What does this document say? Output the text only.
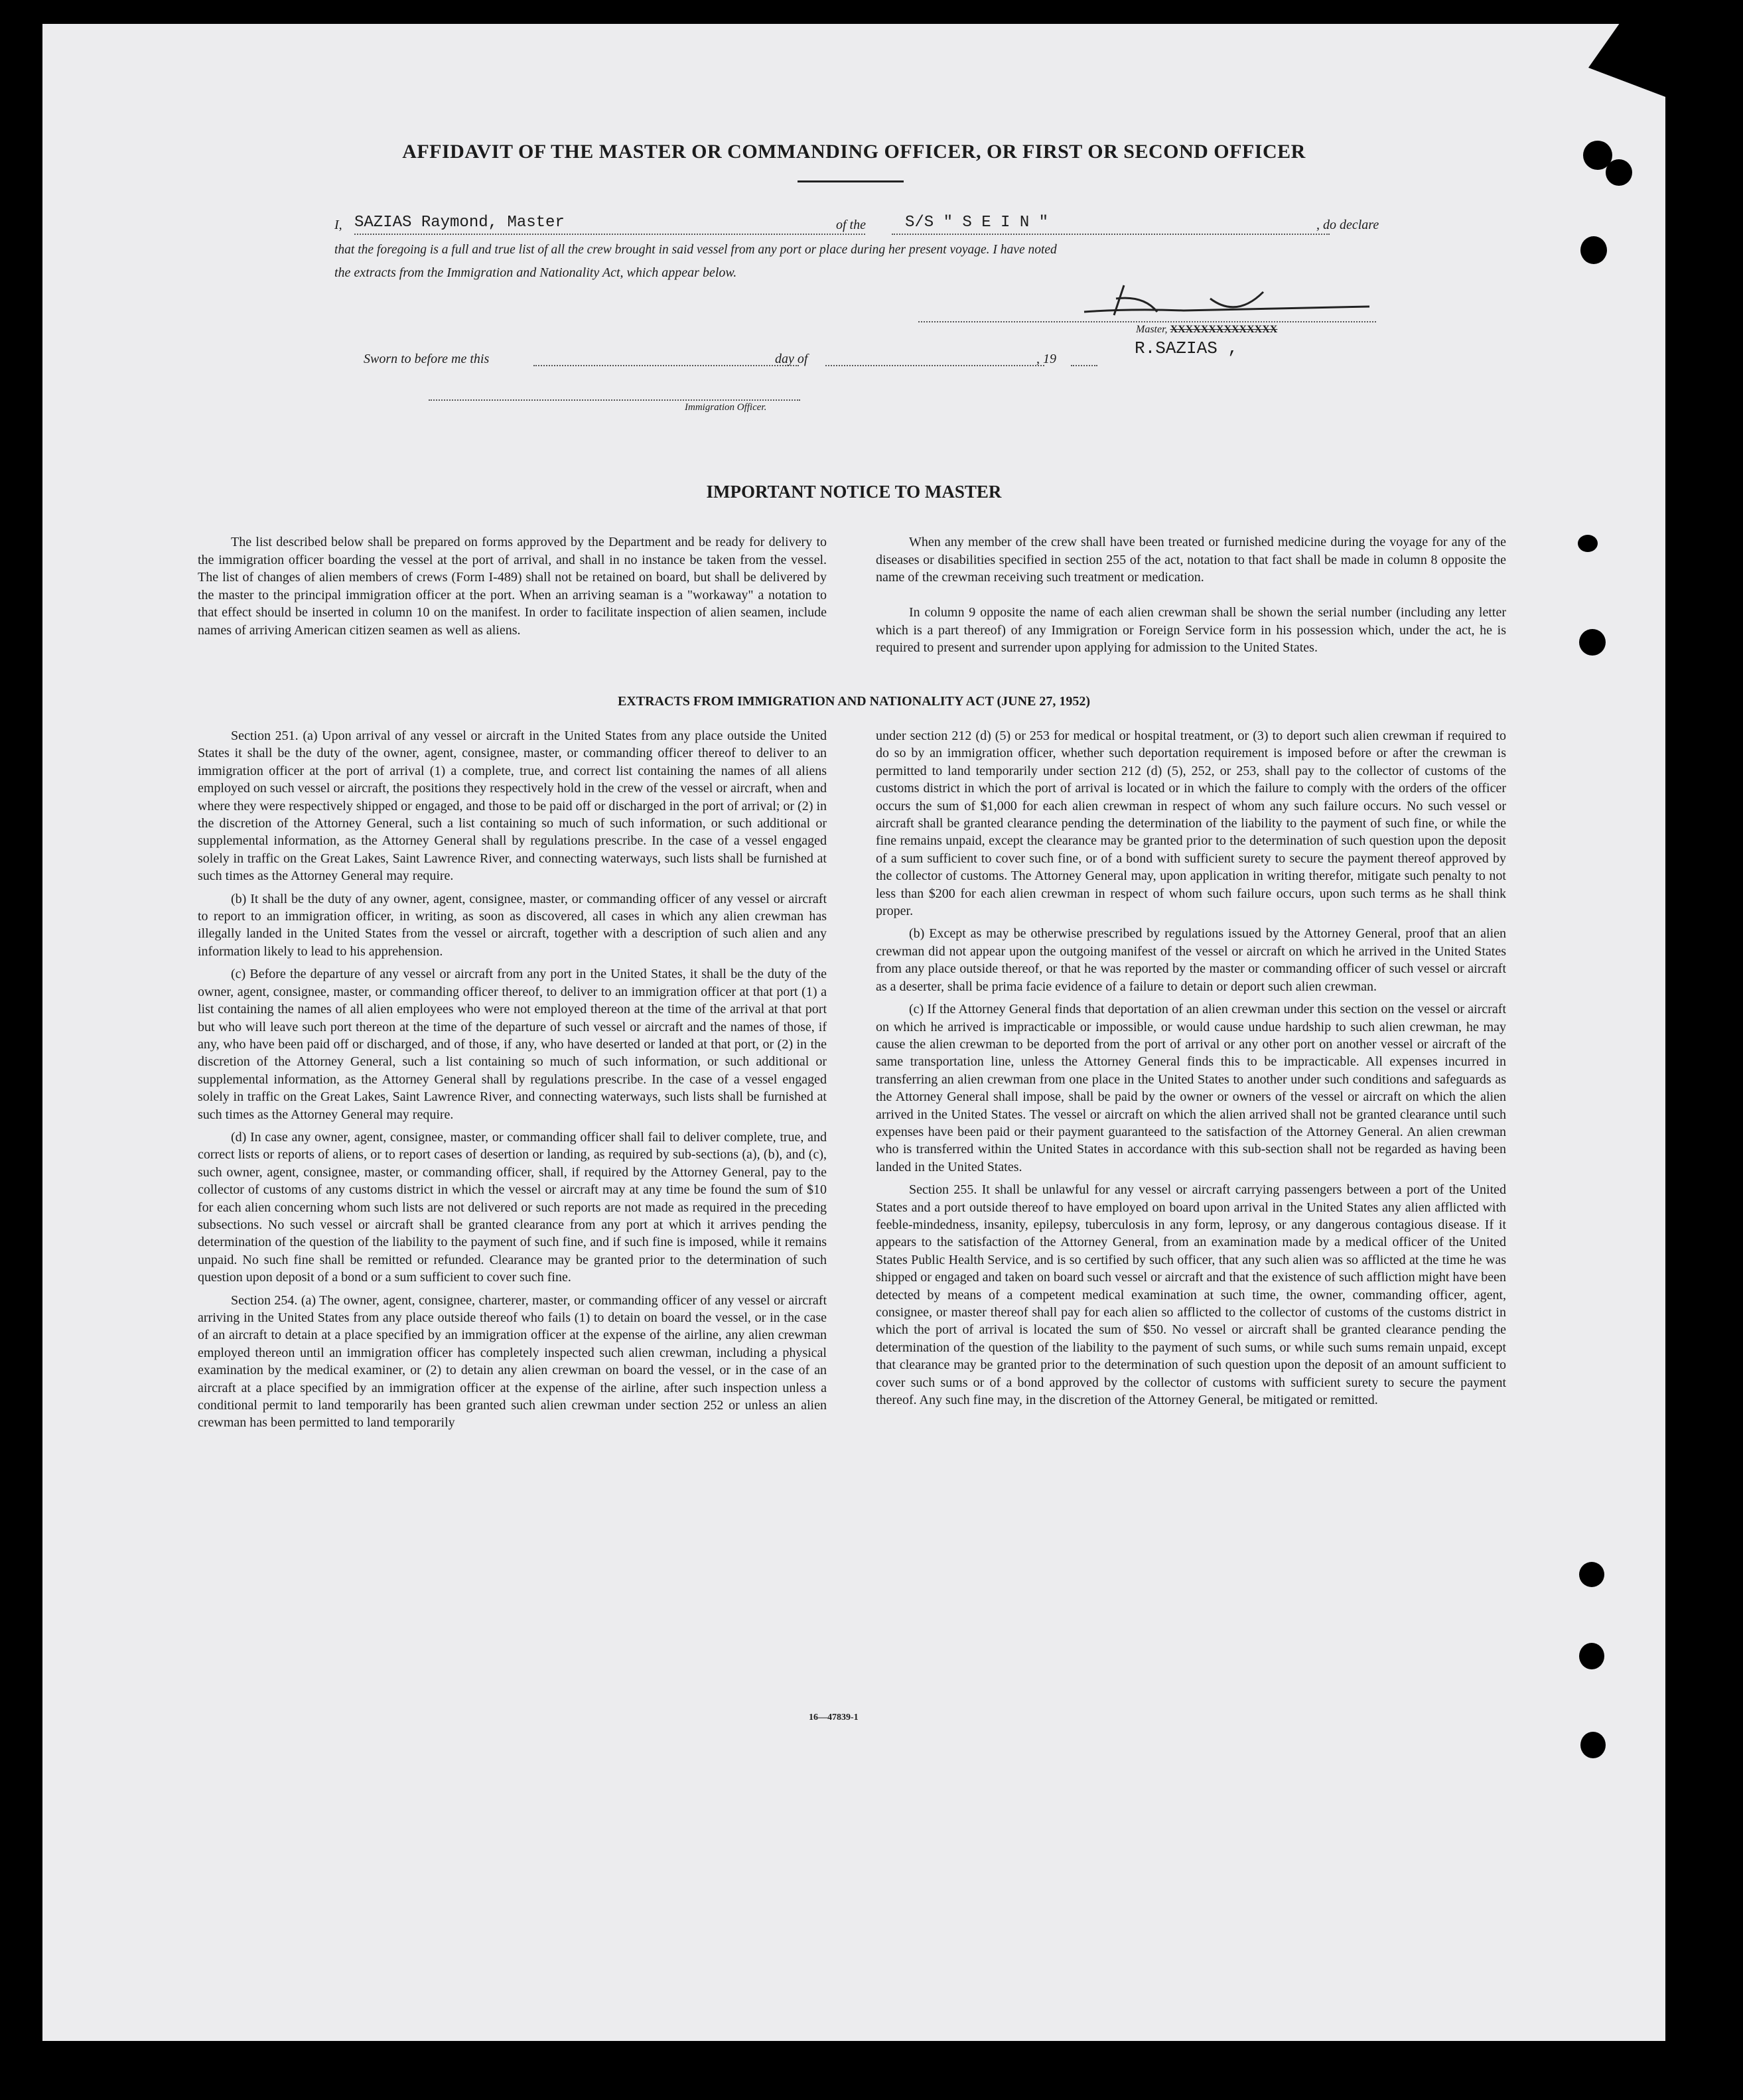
AFFIDAVIT OF THE MASTER OR COMMANDING OFFICER, OR FIRST OR SECOND OFFICER
I, SAZIAS Raymond, Master	of the S/S " S E I N "	, do declare
that the foregoing is a full and true list of all the crew brought in said vessel from any port or place during her present voyage. I have noted
the extracts from the Immigration and Nationality Act, which appear below.
Master, XXXXXXXXXXXXXX
R.SAZIAS ,
Sworn to before me this	day of	, 19
Immigration Officer.
IMPORTANT NOTICE TO MASTER

The list described below shall be prepared on forms approved by the Department and be ready for delivery to the immigration officer boarding the vessel at the port of arrival, and shall in no instance be taken from the vessel. The list of changes of alien members of crews (Form I-489) shall not be retained on board, but shall be delivered by the master to the principal immigration officer at the port. When an arriving seaman is a "workaway" a notation to that effect should be inserted in column 10 on the manifest. In order to facilitate inspection of alien seamen, include names of arriving American citizen seamen as well as aliens.

When any member of the crew shall have been treated or furnished medicine during the voyage for any of the diseases or disabilities specified in section 255 of the act, notation to that fact shall be made in column 8 opposite the name of the crewman receiving such treatment or medication.

In column 9 opposite the name of each alien crewman shall be shown the serial number (including any letter which is a part thereof) of any Immigration or Foreign Service form in his possession which, under the act, he is required to present and surrender upon applying for admission to the United States.

EXTRACTS FROM IMMIGRATION AND NATIONALITY ACT (JUNE 27, 1952)

Section 251. (a) Upon arrival of any vessel or aircraft in the United States from any place outside the United States it shall be the duty of the owner, agent, consignee, master, or commanding officer thereof to deliver to an immigration officer at the port of arrival (1) a complete, true, and correct list containing the names of all aliens employed on such vessel or aircraft, the positions they respectively hold in the crew of the vessel or aircraft, when and where they were respectively shipped or engaged, and those to be paid off or discharged in the port of arrival; or (2) in the discretion of the Attorney General, such a list containing so much of such information, or such additional or supplemental information, as the Attorney General shall by regulations prescribe. In the case of a vessel engaged solely in traffic on the Great Lakes, Saint Lawrence River, and connecting waterways, such lists shall be furnished at such times as the Attorney General may require.

(b) It shall be the duty of any owner, agent, consignee, master, or commanding officer of any vessel or aircraft to report to an immigration officer, in writing, as soon as discovered, all cases in which any alien crewman has illegally landed in the United States from the vessel or aircraft, together with a description of such alien and any information likely to lead to his apprehension.

(c) Before the departure of any vessel or aircraft from any port in the United States, it shall be the duty of the owner, agent, consignee, master, or commanding officer thereof, to deliver to an immigration officer at that port (1) a list containing the names of all alien employees who were not employed thereon at the time of the arrival at that port but who will leave such port thereon at the time of the departure of such vessel or aircraft and the names of those, if any, who have been paid off or discharged, and of those, if any, who have deserted or landed at that port, or (2) in the discretion of the Attorney General, such a list containing so much of such information, or such additional or supplemental information, as the Attorney General shall by regulations prescribe. In the case of a vessel engaged solely in traffic on the Great Lakes, Saint Lawrence River, and connecting waterways, such lists shall be furnished at such times as the Attorney General may require.

(d) In case any owner, agent, consignee, master, or commanding officer shall fail to deliver complete, true, and correct lists or reports of aliens, or to report cases of desertion or landing, as required by sub-sections (a), (b), and (c), such owner, agent, consignee, master, or commanding officer, shall, if required by the Attorney General, pay to the collector of customs of any customs district in which the vessel or aircraft may at any time be found the sum of $10 for each alien concerning whom such lists are not delivered or such reports are not made as required in the preceding subsections. No such vessel or aircraft shall be granted clearance from any port at which it arrives pending the determination of the question of the liability to the payment of such fine, and if such fine is imposed, while it remains unpaid. No such fine shall be remitted or refunded. Clearance may be granted prior to the determination of such question upon deposit of a bond or a sum sufficient to cover such fine.

Section 254. (a) The owner, agent, consignee, charterer, master, or commanding officer of any vessel or aircraft arriving in the United States from any place outside thereof who fails (1) to detain on board the vessel, or in the case of an aircraft to detain at a place specified by an immigration officer at the expense of the airline, any alien crewman employed thereon until an immigration officer has completely inspected such alien crewman, including a physical examination by the medical examiner, or (2) to detain any alien crewman on board the vessel, or in the case of an aircraft at a place specified by an immigration officer at the expense of the airline, after such inspection unless a conditional permit to land temporarily has been granted such alien crewman under section 252 or unless an alien crewman has been permitted to land temporarily

under section 212 (d) (5) or 253 for medical or hospital treatment, or (3) to deport such alien crewman if required to do so by an immigration officer, whether such deportation requirement is imposed before or after the crewman is permitted to land temporarily under section 212 (d) (5), 252, or 253, shall pay to the collector of customs of the customs district in which the port of arrival is located or in which the failure to comply with the orders of the officer occurs the sum of $1,000 for each alien crewman in respect of whom any such failure occurs. No such vessel or aircraft shall be granted clearance pending the determination of the liability to the payment of such fine, or while the fine remains unpaid, except the clearance may be granted prior to the determination of such question upon the deposit of a sum sufficient to cover such fine, or of a bond with sufficient surety to secure the payment thereof approved by the collector of customs. The Attorney General may, upon application in writing therefor, mitigate such penalty to not less than $200 for each alien crewman in respect of whom such failure occurs, upon such terms as he shall think proper.

(b) Except as may be otherwise prescribed by regulations issued by the Attorney General, proof that an alien crewman did not appear upon the outgoing manifest of the vessel or aircraft on which he arrived in the United States from any place outside thereof, or that he was reported by the master or commanding officer of such vessel or aircraft as a deserter, shall be prima facie evidence of a failure to detain or deport such alien crewman.

(c) If the Attorney General finds that deportation of an alien crewman under this section on the vessel or aircraft on which he arrived is impracticable or impossible, or would cause undue hardship to such alien crewman, he may cause the alien crewman to be deported from the port of arrival or any other port on another vessel or aircraft of the same transportation line, unless the Attorney General finds this to be impracticable. All expenses incurred in transferring an alien crewman from one place in the United States to another under such conditions and safeguards as the Attorney General shall impose, shall be paid by the owner or owners of the vessel or aircraft on which the alien arrived in the United States. The vessel or aircraft on which the alien arrived shall not be granted clearance until such expenses have been paid or their payment guaranteed to the satisfaction of the Attorney General. An alien crewman who is transferred within the United States in accordance with this sub-section shall not be regarded as having been landed in the United States.

Section 255. It shall be unlawful for any vessel or aircraft carrying passengers between a port of the United States and a port outside thereof to have employed on board upon arrival in the United States any alien afflicted with feeble-mindedness, insanity, epilepsy, tuberculosis in any form, leprosy, or any dangerous contagious disease. If it appears to the satisfaction of the Attorney General, from an examination made by a medical officer of the United States Public Health Service, and is so certified by such officer, that any such alien was so afflicted at the time he was shipped or engaged and taken on board such vessel or aircraft and that the existence of such affliction might have been detected by means of a competent medical examination at such time, the owner, commanding officer, agent, consignee, or master thereof shall pay for each alien so afflicted to the collector of customs of the customs district in which the port of arrival is located the sum of $50. No vessel or aircraft shall be granted clearance pending the determination of the question of the liability to the payment of such sums, or while such sums remain unpaid, except that clearance may be granted prior to the determination of such question upon the deposit of an amount sufficient to cover such sums or of a bond approved by the collector of customs with sufficient surety to secure the payment thereof. Any such fine may, in the discretion of the Attorney General, be mitigated or remitted.

16—47839-1
